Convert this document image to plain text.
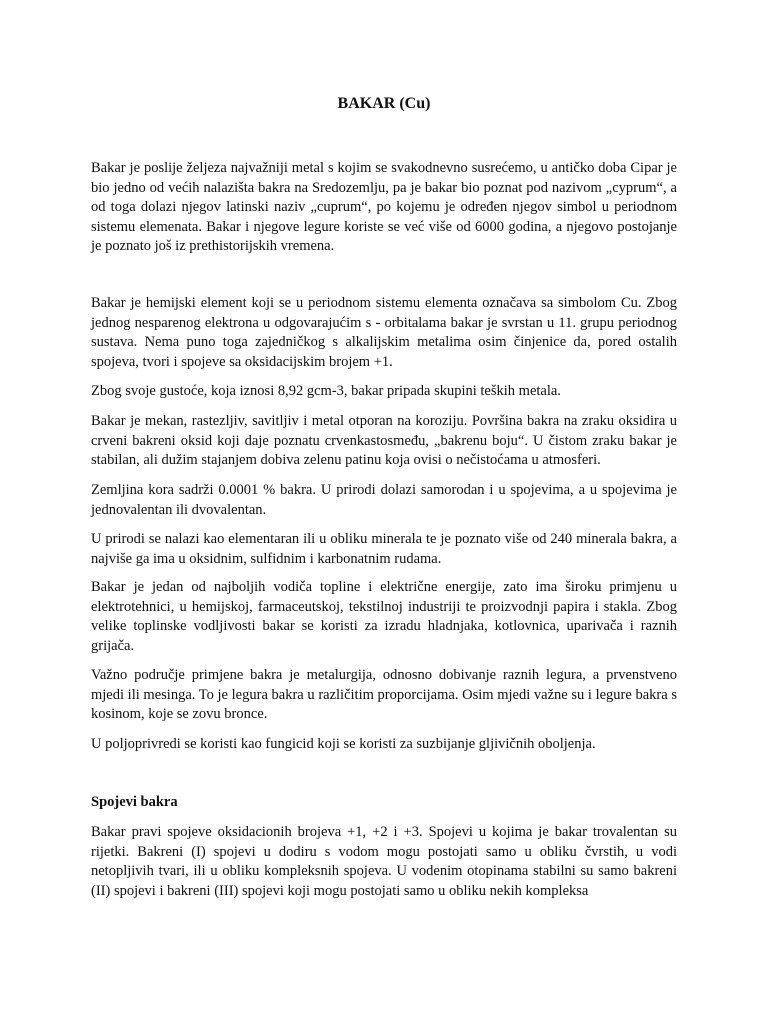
BAKAR (Cu)

Bakar je poslije željeza najvažniji metal s kojim se svakodnevno susrećemo, u antičko doba Cipar je bio jedno od većih nalazišta bakra na Sredozemlju, pa je bakar bio poznat pod nazivom „cyprum“, a od toga dolazi njegov latinski naziv „cuprum“, po kojemu je određen njegov simbol u periodnom sistemu elemenata. Bakar i njegove legure koriste se već više od 6000 godina, a njegovo postojanje je poznato još iz prethistorijskih vremena.

Bakar je hemijski element koji se u periodnom sistemu elementa označava sa simbolom Cu. Zbog jednog nesparenog elektrona u odgovarajućim s - orbitalama bakar je svrstan u 11. grupu periodnog sustava. Nema puno toga zajedničkog s alkalijskim metalima osim činjenice da, pored ostalih spojeva, tvori i spojeve sa oksidacijskim brojem +1.

Zbog svoje gustoće, koja iznosi 8,92 gcm-3, bakar pripada skupini teških metala.

Bakar je mekan, rastezljiv, savitljiv i metal otporan na koroziju. Površina bakra na zraku oksidira u crveni bakreni oksid koji daje poznatu crvenkastosmeđu, „bakrenu boju“. U čistom zraku bakar je stabilan, ali dužim stajanjem dobiva zelenu patinu koja ovisi o nečistoćama u atmosferi.

Zemljina kora sadrži 0.0001 % bakra. U prirodi dolazi samorodan i u spojevima, a u spojevima je jednovalentan ili dvovalentan.

U prirodi se nalazi kao elementaran ili u obliku minerala te je poznato više od 240 minerala bakra, a najviše ga ima u oksidnim, sulfidnim i karbonatnim rudama.

Bakar je jedan od najboljih vodiča topline i električne energije, zato ima široku primjenu u elektrotehnici, u hemijskoj, farmaceutskoj, tekstilnoj industriji te proizvodnji papira i stakla. Zbog velike toplinske vodljivosti bakar se koristi za izradu hladnjaka, kotlovnica, uparivača i raznih grijača.

Važno područje primjene bakra je metalurgija, odnosno dobivanje raznih legura, a prvenstveno mjedi ili mesinga. To je legura bakra u različitim proporcijama. Osim mjedi važne su i legure bakra s kosinom, koje se zovu bronce.

U poljoprivredi se koristi kao fungicid koji se koristi za suzbijanje gljivičnih oboljenja.

Spojevi bakra

Bakar pravi spojeve oksidacionih brojeva +1, +2 i +3. Spojevi u kojima je bakar trovalentan su rijetki. Bakreni (I) spojevi u dodiru s vodom mogu postojati samo u obliku čvrstih, u vodi netopljivih tvari, ili u obliku kompleksnih spojeva. U vodenim otopinama stabilni su samo bakreni (II) spojevi i bakreni (III) spojevi koji mogu postojati samo u obliku nekih kompleksa
